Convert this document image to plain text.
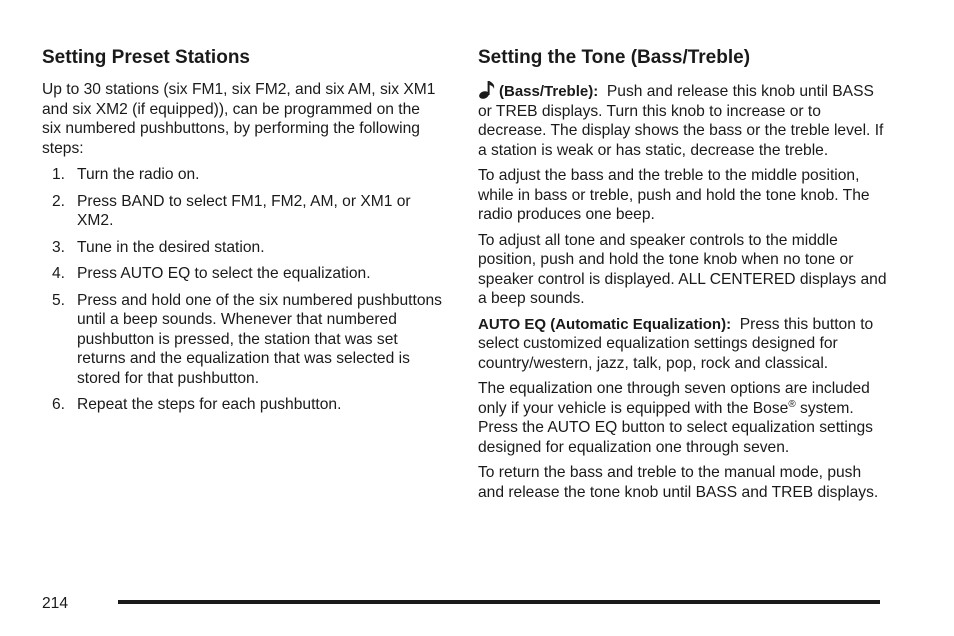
Setting Preset Stations

Up to 30 stations (six FM1, six FM2, and six AM, six XM1 and six XM2 (if equipped)), can be programmed on the six numbered pushbuttons, by performing the following steps:

1. Turn the radio on.
2. Press BAND to select FM1, FM2, AM, or XM1 or XM2.
3. Tune in the desired station.
4. Press AUTO EQ to select the equalization.
5. Press and hold one of the six numbered pushbuttons until a beep sounds. Whenever that numbered pushbutton is pressed, the station that was set returns and the equalization that was selected is stored for that pushbutton.
6. Repeat the steps for each pushbutton.
Setting the Tone (Bass/Treble)

(Bass/Treble): Push and release this knob until BASS or TREB displays. Turn this knob to increase or to decrease. The display shows the bass or the treble level. If a station is weak or has static, decrease the treble.

To adjust the bass and the treble to the middle position, while in bass or treble, push and hold the tone knob. The radio produces one beep.

To adjust all tone and speaker controls to the middle position, push and hold the tone knob when no tone or speaker control is displayed. ALL CENTERED displays and a beep sounds.

AUTO EQ (Automatic Equalization): Press this button to select customized equalization settings designed for country/western, jazz, talk, pop, rock and classical.

The equalization one through seven options are included only if your vehicle is equipped with the Bose® system. Press the AUTO EQ button to select equalization settings designed for equalization one through seven.

To return the bass and treble to the manual mode, push and release the tone knob until BASS and TREB displays.

214
